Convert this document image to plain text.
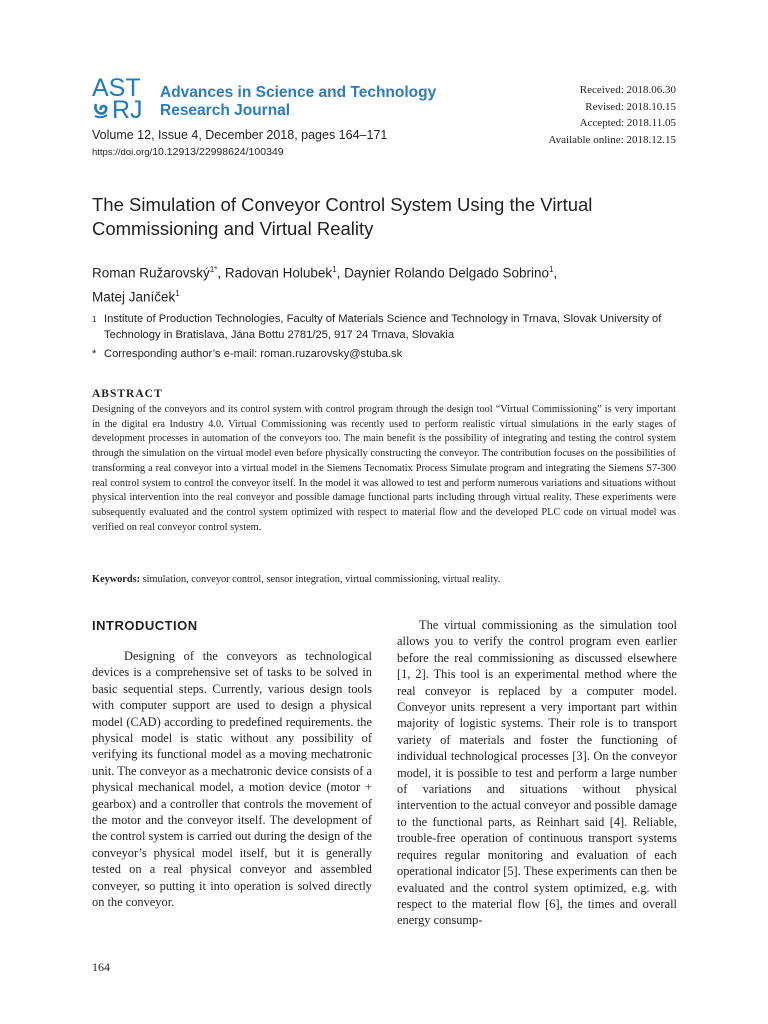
AST
RJ
Advances in Science and Technology
Research Journal
Volume 12, Issue 4, December 2018, pages 164–171
https://doi.org/10.12913/22998624/100349
Received: 2018.06.30
Revised: 2018.10.15
Accepted: 2018.11.05
Available online: 2018.12.15
The Simulation of Conveyor Control System Using the Virtual
Commissioning and Virtual Reality
Roman Ružarovský$^{1*}$, Radovan Holubek$^1$, Daynier Rolando Delgado Sobrino$^1$,
Matej Janíček$^1$
$^1$ Institute of Production Technologies, Faculty of Materials Science and Technology in Trnava, Slovak University of Technology in Bratislava, Jána Bottu 2781/25, 917 24 Trnava, Slovakia
* Corresponding author’s e-mail: roman.ruzarovsky@stuba.sk
ABSTRACT
Designing of the conveyors and its control system with control program through the design tool “Virtual Commissioning” is very important in the digital era Industry 4.0. Virtual Commissioning was recently used to perform realistic virtual simulations in the early stages of development processes in automation of the conveyors too. The main benefit is the possibility of integrating and testing the control system through the simulation on the virtual model even before physically constructing the conveyor. The contribution focuses on the possibilities of transforming a real conveyor into a virtual model in the Siemens Tecnomatix Process Simulate program and integrating the Siemens S7-300 real control system to control the conveyor itself. In the model it was allowed to test and perform numerous variations and situations without physical intervention into the real conveyor and possible damage functional parts including through virtual reality. These experiments were subsequently evaluated and the control system optimized with respect to material flow and the developed PLC code on virtual model was verified on real conveyor control system.
Keywords: simulation, conveyor control, sensor integration, virtual commissioning, virtual reality.
INTRODUCTION
Designing of the conveyors as technological devices is a comprehensive set of tasks to be solved in basic sequential steps. Currently, various design tools with computer support are used to design a physical model (CAD) according to predefined requirements. the physical model is static without any possibility of verifying its functional model as a moving mechatronic unit. The conveyor as a mechatronic device consists of a physical mechanical model, a motion device (motor + gearbox) and a controller that controls the movement of the motor and the conveyor itself. The development of the control system is carried out during the design of the conveyor’s physical model itself, but it is generally tested on a real physical conveyor and assembled conveyer, so putting it into operation is solved directly on the conveyor.
The virtual commissioning as the simulation tool allows you to verify the control program even earlier before the real commissioning as discussed elsewhere [1, 2]. This tool is an experimental method where the real conveyor is replaced by a computer model. Conveyor units represent a very important part within majority of logistic systems. Their role is to transport variety of materials and foster the functioning of individual technological processes [3]. On the conveyor model, it is possible to test and perform a large number of variations and situations without physical intervention to the actual conveyor and possible damage to the functional parts, as Reinhart said [4]. Reliable, trouble-free operation of continuous transport systems requires regular monitoring and evaluation of each operational indicator [5]. These experiments can then be evaluated and the control system optimized, e.g. with respect to the material flow [6], the times and overall energy consump-
164
